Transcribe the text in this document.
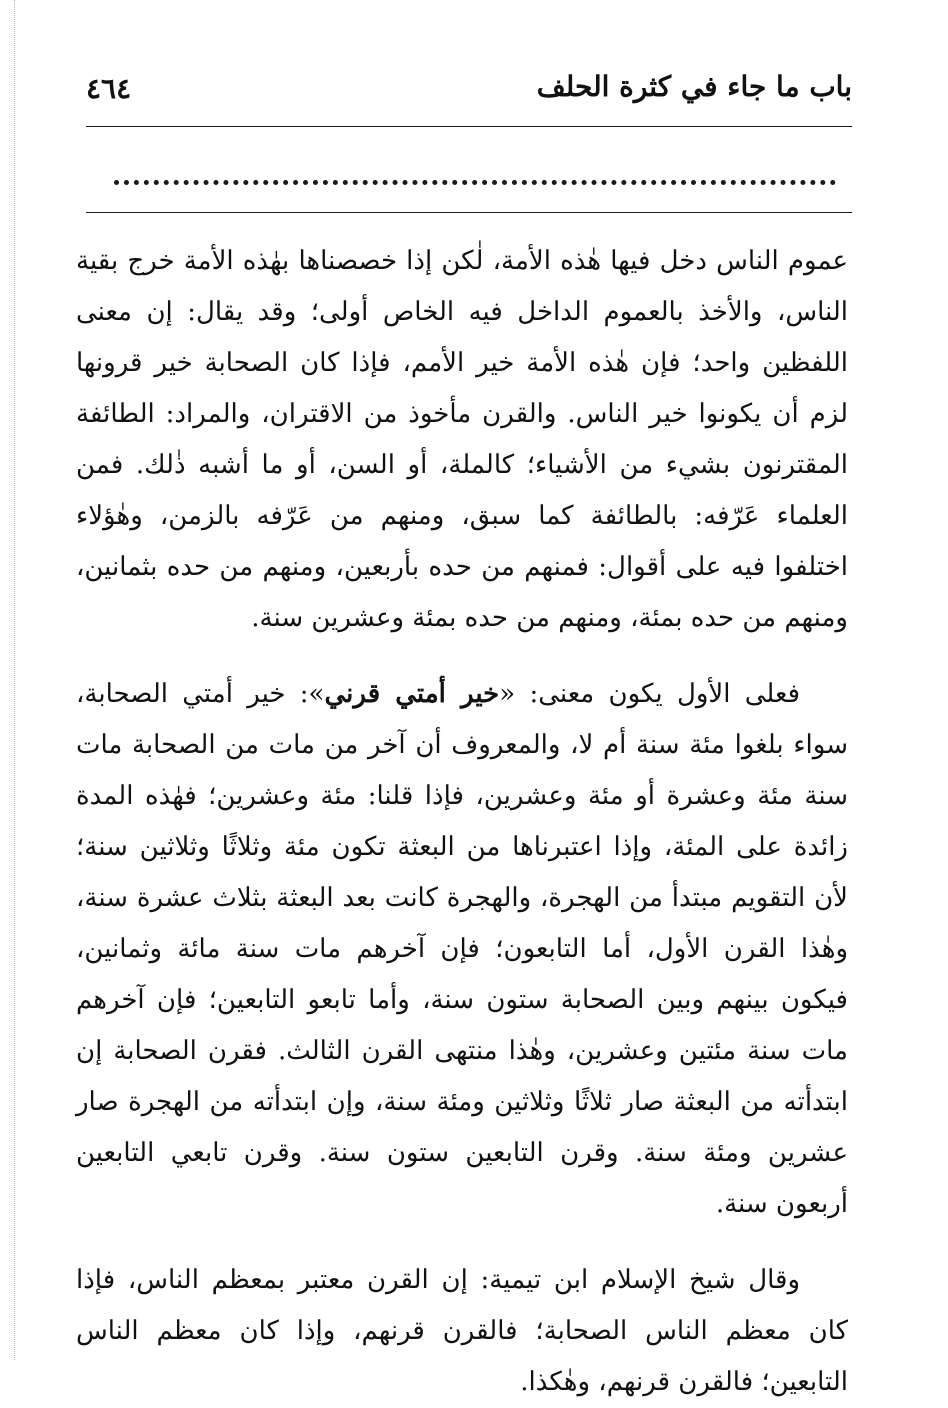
٤٦٤	باب ما جاء في كثرة الحلف

عموم الناس دخل فيها هٰذه الأمة، لٰكن إذا خصصناها بهٰذه الأمة خرج بقية الناس، والأخذ بالعموم الداخل فيه الخاص أولى؛ وقد يقال: إن معنى اللفظين واحد؛ فإن هٰذه الأمة خير الأمم، فإذا كان الصحابة خير قرونها لزم أن يكونوا خير الناس. والقرن مأخوذ من الاقتران، والمراد: الطائفة المقترنون بشيء من الأشياء؛ كالملة، أو السن، أو ما أشبه ذٰلك. فمن العلماء عَرّفه: بالطائفة كما سبق، ومنهم من عَرّفه بالزمن، وهٰؤلاء اختلفوا فيه على أقوال: فمنهم من حده بأربعين، ومنهم من حده بثمانين، ومنهم من حده بمئة، ومنهم من حده بمئة وعشرين سنة.

فعلى الأول يكون معنى: «خير أمتي قرني»: خير أمتي الصحابة، سواء بلغوا مئة سنة أم لا، والمعروف أن آخر من مات من الصحابة مات سنة مئة وعشرة أو مئة وعشرين، فإذا قلنا: مئة وعشرين؛ فهٰذه المدة زائدة على المئة، وإذا اعتبرناها من البعثة تكون مئة وثلاثًا وثلاثين سنة؛ لأن التقويم مبتدأ من الهجرة، والهجرة كانت بعد البعثة بثلاث عشرة سنة، وهٰذا القرن الأول، أما التابعون؛ فإن آخرهم مات سنة مائة وثمانين، فيكون بينهم وبين الصحابة ستون سنة، وأما تابعو التابعين؛ فإن آخرهم مات سنة مئتين وعشرين، وهٰذا منتهى القرن الثالث. فقرن الصحابة إن ابتدأته من البعثة صار ثلاثًا وثلاثين ومئة سنة، وإن ابتدأته من الهجرة صار عشرين ومئة سنة. وقرن التابعين ستون سنة. وقرن تابعي التابعين أربعون سنة.

وقال شيخ الإسلام ابن تيمية: إن القرن معتبر بمعظم الناس، فإذا كان معظم الناس الصحابة؛ فالقرن قرنهم، وإذا كان معظم الناس التابعين؛ فالقرن قرنهم، وهٰكذا.
